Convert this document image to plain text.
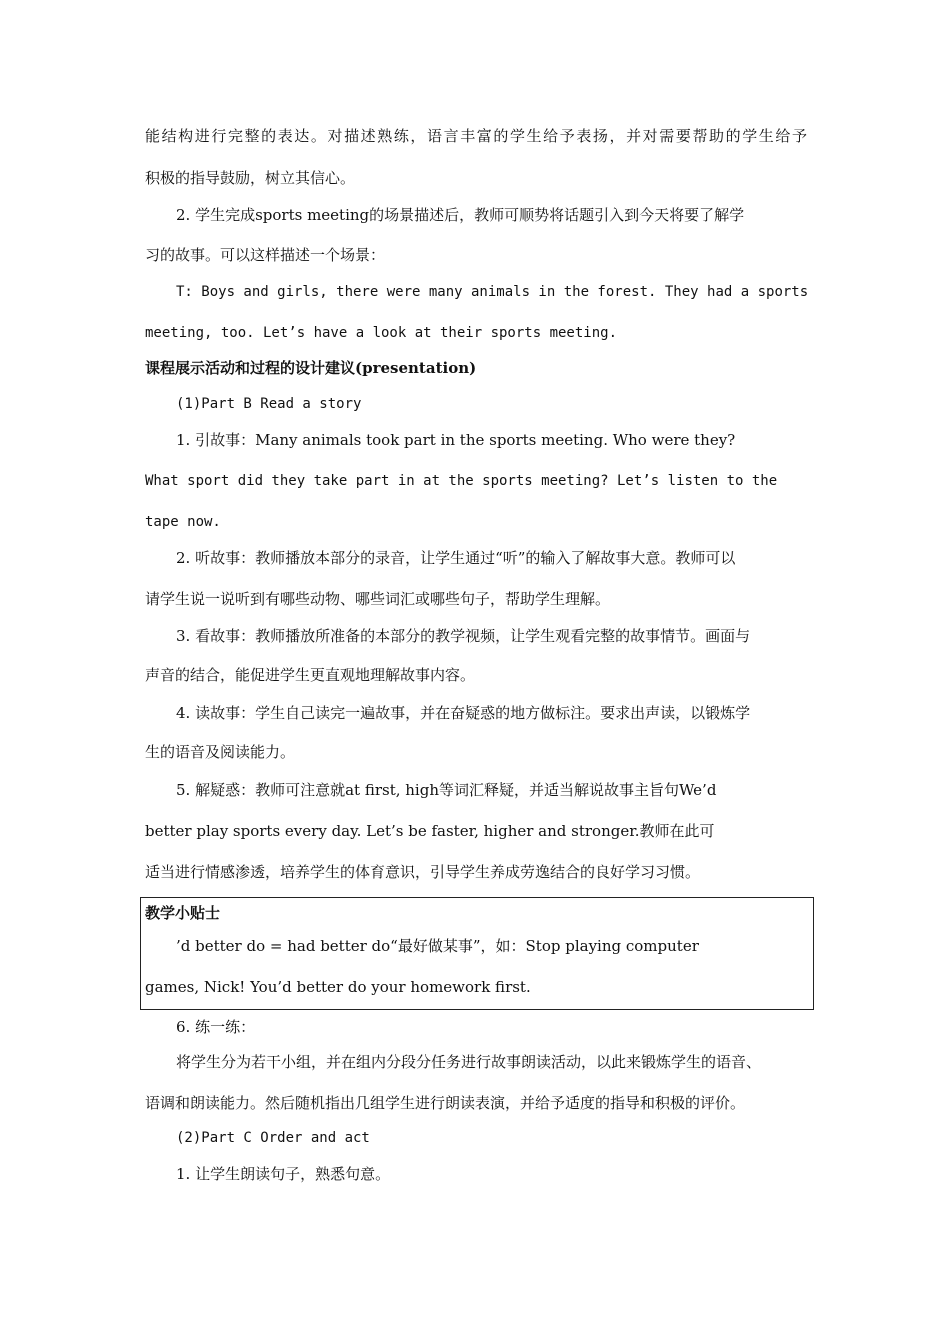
能结构进行完整的表达。对描述熟练，语言丰富的学生给予表扬，并对需要帮助的学生给予
积极的指导鼓励，树立其信心。
2. 学生完成sports meeting的场景描述后，教师可顺势将话题引入到今天将要了解学
习的故事。可以这样描述一个场景：
T: Boys and girls, there were many animals in the forest. They had a sports
meeting, too. Let’s have a look at their sports meeting.
课程展示活动和过程的设计建议(presentation)
(1)Part B Read a story
1. 引故事：Many animals took part in the sports meeting. Who were they?
What sport did they take part in at the sports meeting? Let’s listen to the
tape now.
2. 听故事：教师播放本部分的录音，让学生通过“听”的输入了解故事大意。教师可以
请学生说一说听到有哪些动物、哪些词汇或哪些句子，帮助学生理解。
3. 看故事：教师播放所准备的本部分的教学视频，让学生观看完整的故事情节。画面与
声音的结合，能促进学生更直观地理解故事内容。
4. 读故事：学生自己读完一遍故事，并在奋疑惑的地方做标注。要求出声读，以锻炼学
生的语音及阅读能力。
5. 解疑惑：教师可注意就at first, high等词汇释疑，并适当解说故事主旨句We’d
better play sports every day. Let’s be faster, higher and stronger.教师在此可
适当进行情感渗透，培养学生的体育意识，引导学生养成劳逸结合的良好学习习惯。
教学小贴士
’d better do = had better do“最好做某事”，如：Stop playing computer
games, Nick! You’d better do your homework first.
6. 练一练：
将学生分为若干小组，并在组内分段分任务进行故事朗读活动，以此来锻炼学生的语音、
语调和朗读能力。然后随机指出几组学生进行朗读表演，并给予适度的指导和积极的评价。
(2)Part C Order and act
1. 让学生朗读句子，熟悉句意。
